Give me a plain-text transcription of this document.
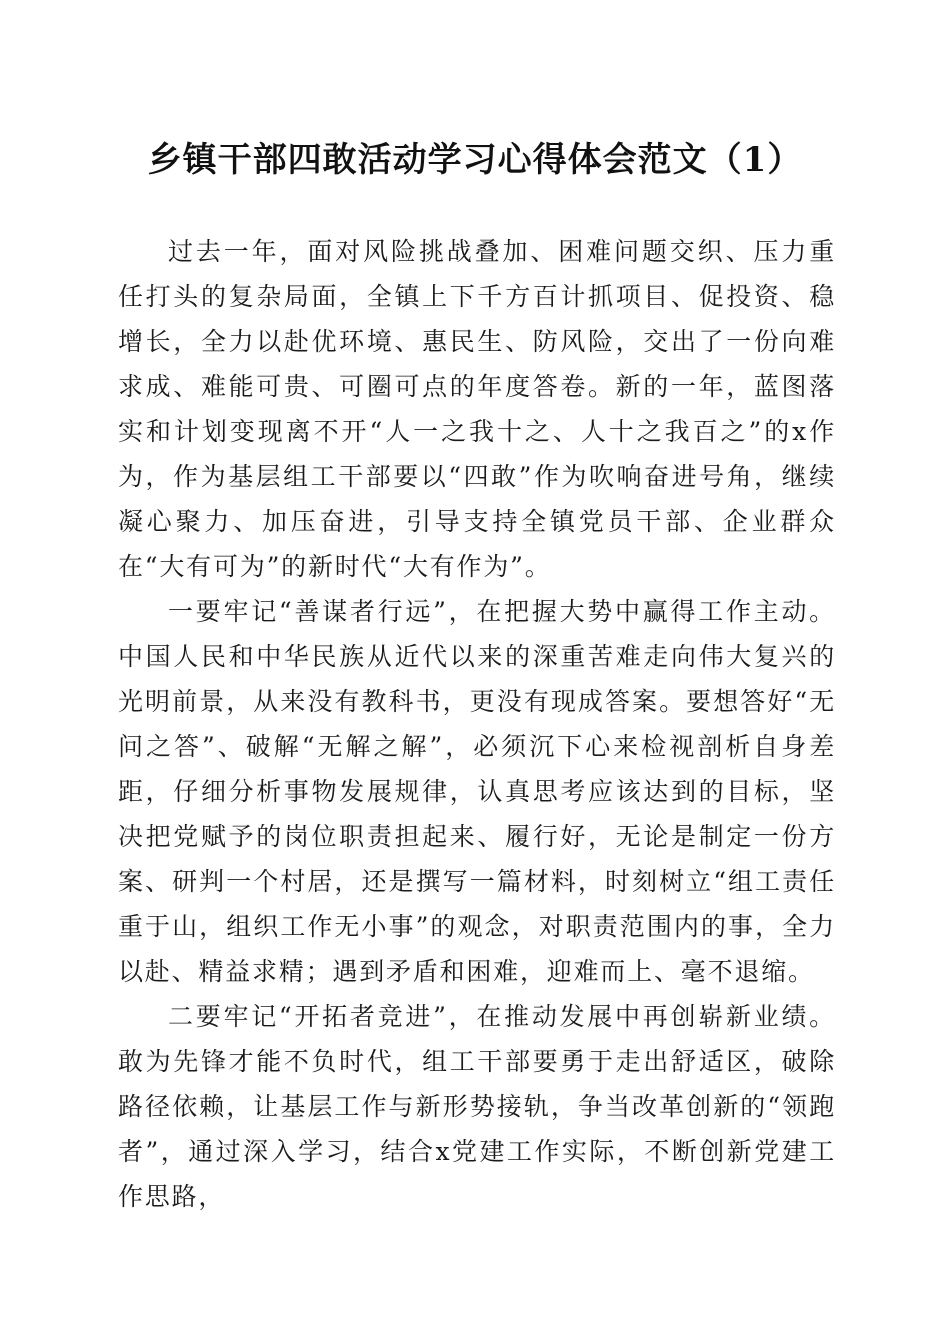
乡镇干部四敢活动学习心得体会范文（1）

过去一年，面对风险挑战叠加、困难问题交织、压力重任打头的复杂局面，全镇上下千方百计抓项目、促投资、稳增长，全力以赴优环境、惠民生、防风险，交出了一份向难求成、难能可贵、可圈可点的年度答卷。新的一年，蓝图落实和计划变现离不开“人一之我十之、人十之我百之”的x作为，作为基层组工干部要以“四敢”作为吹响奋进号角，继续凝心聚力、加压奋进，引导支持全镇党员干部、企业群众在“大有可为”的新时代“大有作为”。

一要牢记“善谋者行远”，在把握大势中赢得工作主动。中国人民和中华民族从近代以来的深重苦难走向伟大复兴的光明前景，从来没有教科书，更没有现成答案。要想答好“无问之答”、破解“无解之解”，必须沉下心来检视剖析自身差距，仔细分析事物发展规律，认真思考应该达到的目标，坚决把党赋予的岗位职责担起来、履行好，无论是制定一份方案、研判一个村居，还是撰写一篇材料，时刻树立“组工责任重于山，组织工作无小事”的观念，对职责范围内的事，全力以赴、精益求精；遇到矛盾和困难，迎难而上、毫不退缩。

二要牢记“开拓者竞进”，在推动发展中再创崭新业绩。敢为先锋才能不负时代，组工干部要勇于走出舒适区，破除路径依赖，让基层工作与新形势接轨，争当改革创新的“领跑者”，通过深入学习，结合x党建工作实际，不断创新党建工作思路，
